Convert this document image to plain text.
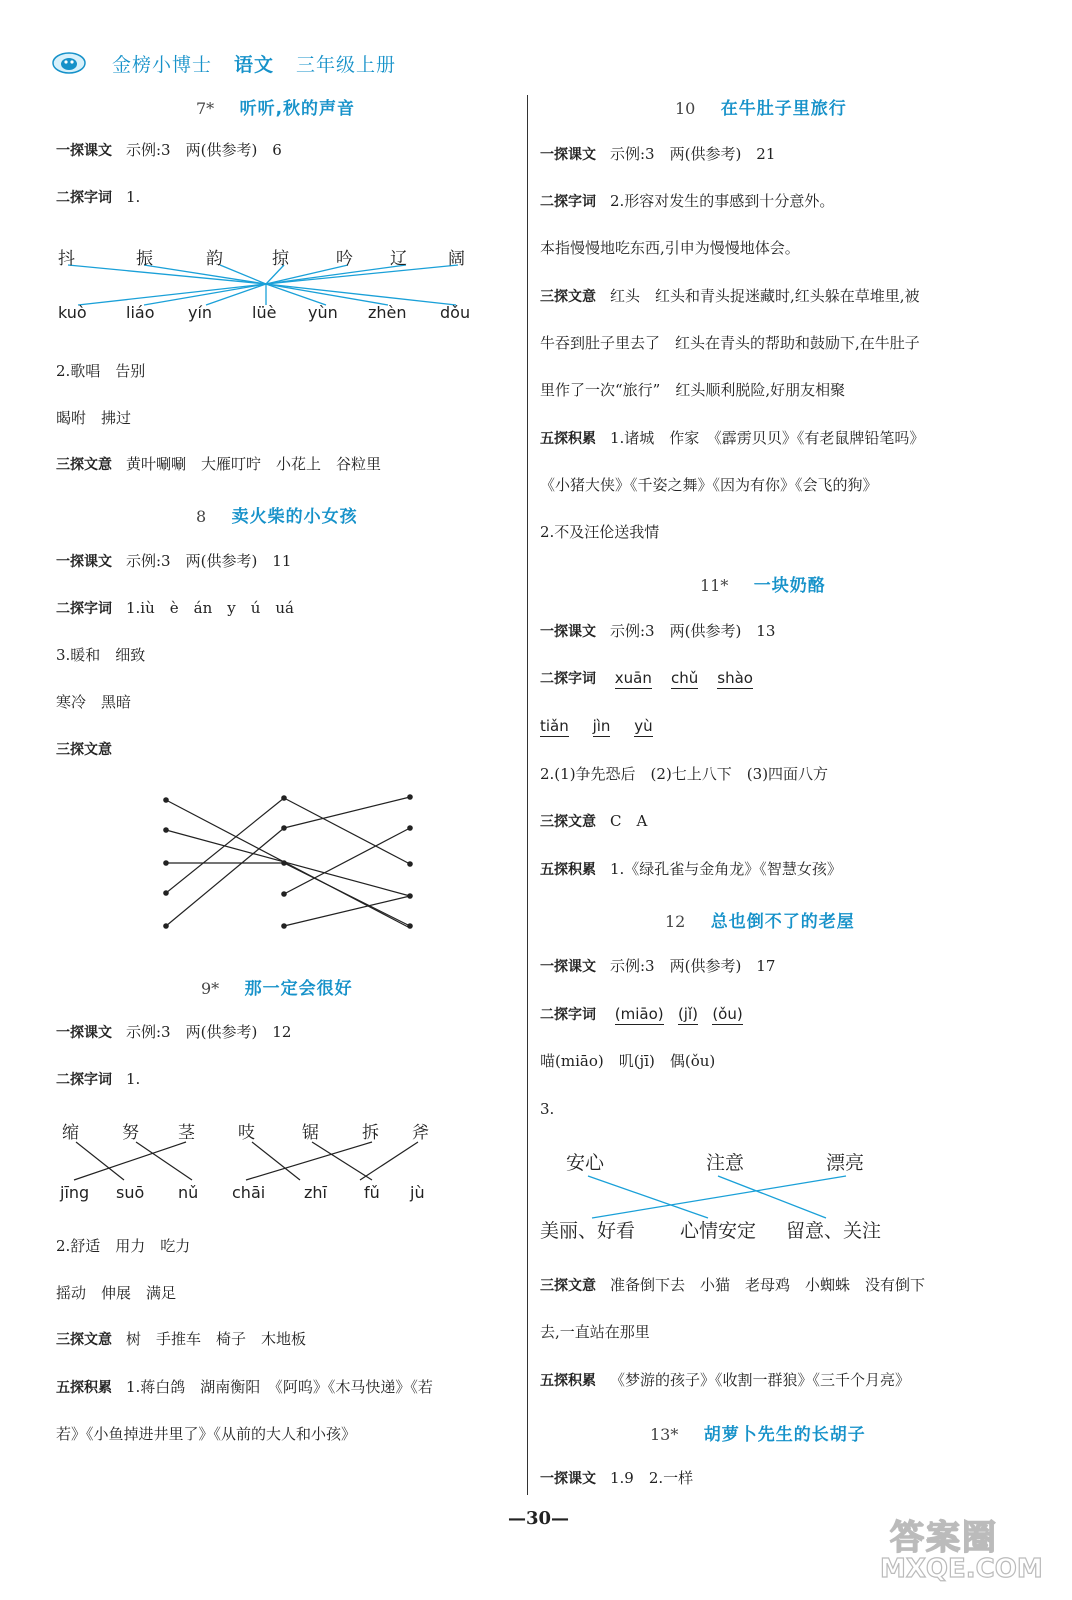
金榜小博士 语文 三年级上册
7* 听听,秋的声音
一探课文 示例:3　两(供参考)　6
二探字词 1.
抖	振	韵	掠	吟 辽 阔
kuò liáo yín lüè yùn zhèn dǒu
2.歌唱　告别
暍咐　拂过
三探文意 黄叶唰唰　大雁叮咛　小花上　谷粒里
8 卖火柴的小女孩
一探课文 示例:3　两(供参考)　11
二探字词 1.iù　è　án　y　ú　uá
3.暖和　细致
寒冷　黑暗
三探文意
9* 那一定会很好
一探课文 示例:3　两(供参考)　12
二探字词 1.
缩	努 茎	吱	锯	拆 斧
jīng suō nǔ chāi zhī fǔ jù
2.舒适　用力　吃力
摇动　伸展　满足
三探文意 树　手推车　椅子　木地板
五探积累 1.蒋白鸽　湖南衡阳　《阿呜》《木马快递》《若
若》《小鱼掉进井里了》《从前的大人和小孩》
10 在牛肚子里旅行
一探课文 示例:3　两(供参考)　21
二探字词 2.形容对发生的事感到十分意外。
本指慢慢地吃东西,引申为慢慢地体会。
三探文意 红头　红头和青头捉迷藏时,红头躲在草堆里,被
牛吞到肚子里去了　红头在青头的帮助和鼓励下,在牛肚子
里作了一次“旅行”　红头顺利脱险,好朋友相聚
五探积累 1.诸城　作家　《霹雳贝贝》《有老鼠牌铅笔吗》
《小猪大侠》《千姿之舞》《因为有你》《会飞的狗》
2.不及汪伦送我情
11* 一块奶酪
一探课文 示例:3　两(供参考)　13
二探字词 xuān chǔ shào
tiǎn jìn yù
2.(1)争先恐后　(2)七上八下　(3)四面八方
三探文意 C　A
五探积累 1.《绿孔雀与金角龙》《智慧女孩》
12 总也倒不了的老屋
一探课文 示例:3　两(供参考)　17
二探字词 (miāo) (jǐ) (ǒu)
喵(miāo)　叽(jī)　偶(ǒu)
3.
安心	注意	漂亮
美丽、好看 心情安定 留意、关注
三探文意 准备倒下去　小猫　老母鸡　小蜘蛛　没有倒下
去,一直站在那里
五探积累 《梦游的孩子》《收割一群狼》《三千个月亮》
13* 胡萝卜先生的长胡子
一探课文 1.9　2.一样
—30—	答案圈
MXQE.COM
